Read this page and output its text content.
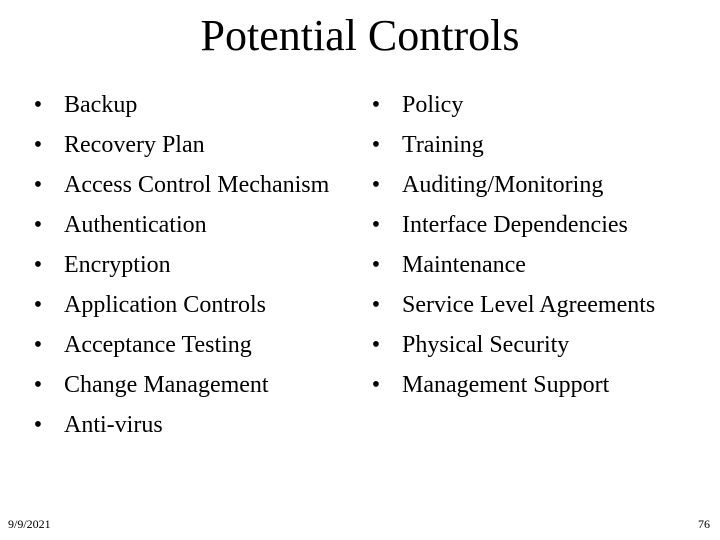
Potential Controls
• Backup
• Recovery Plan
• Access Control Mechanism
• Authentication
• Encryption
• Application Controls
• Acceptance Testing
• Change Management
• Anti-virus
• Policy
• Training
• Auditing/Monitoring
• Interface Dependencies
• Maintenance
• Service Level Agreements
• Physical Security
• Management Support
9/9/2021	76
